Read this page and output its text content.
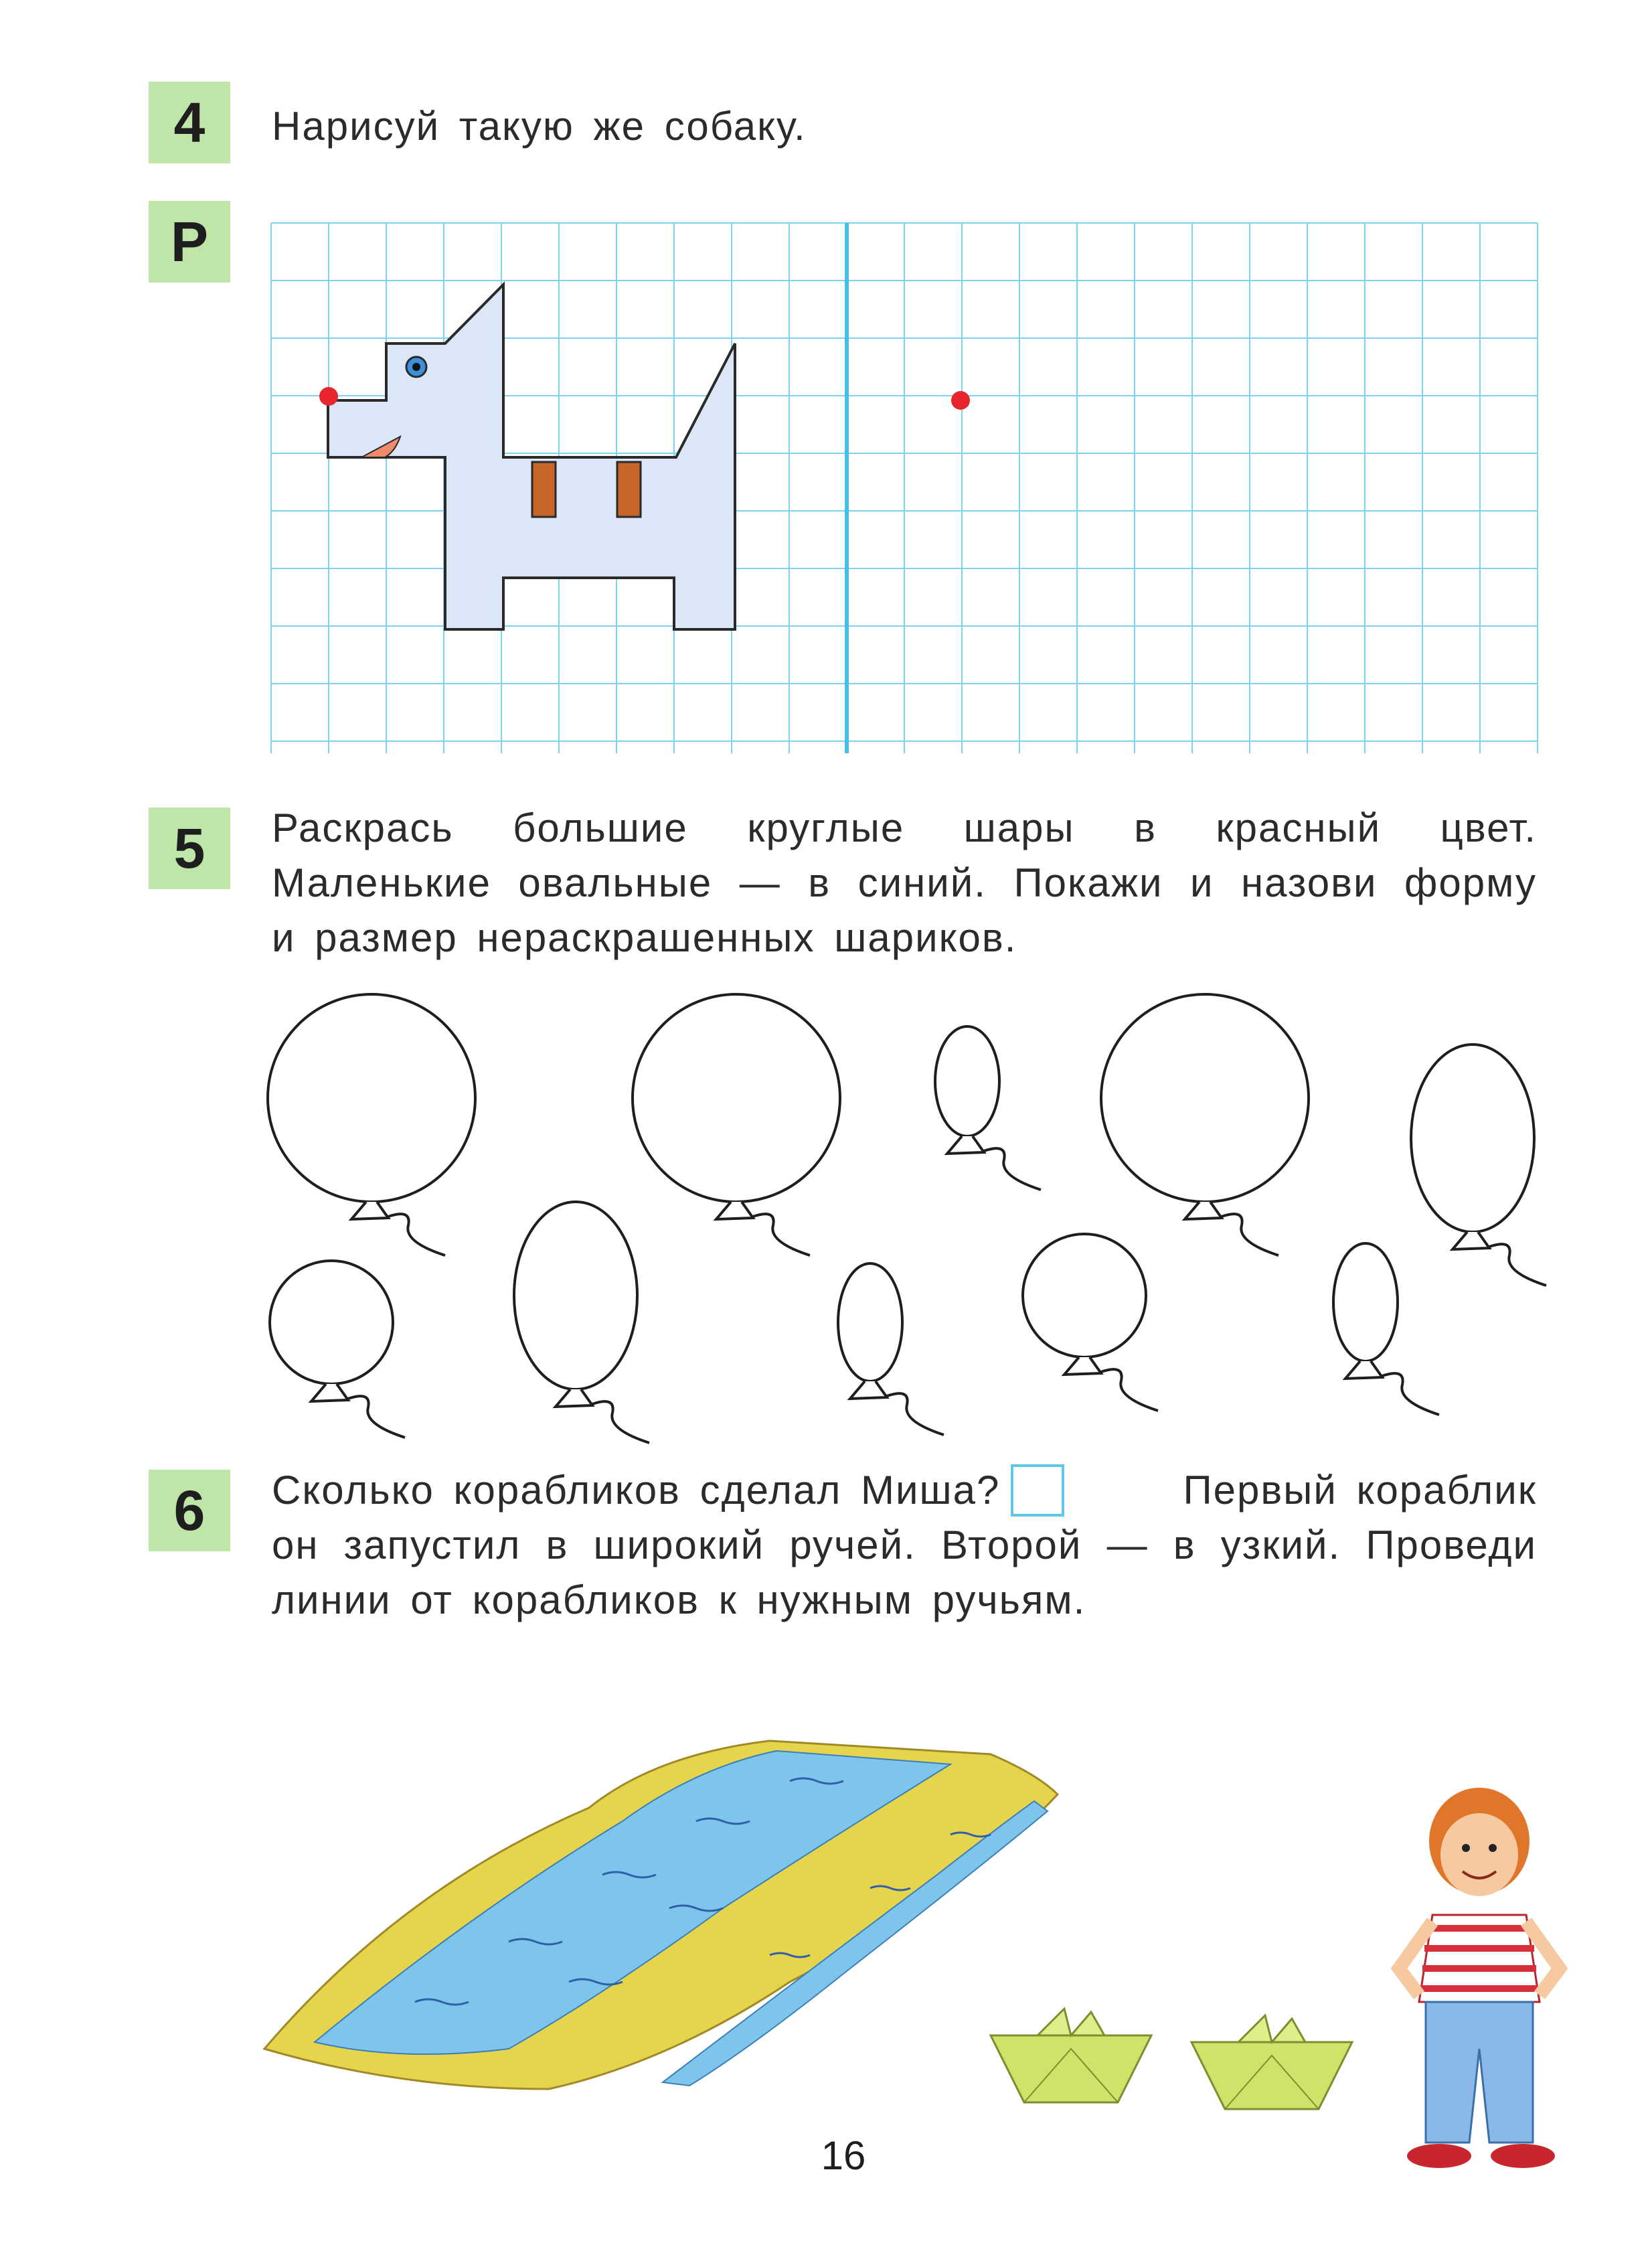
4	Нарисуй такую же собаку.
Р
5	Раскрась большие круглые шары в красный цвет.
Маленькие овальные — в синий. Покажи и назови форму
и размер нераскрашенных шариков.
6	Сколько корабликов сделал Миша?	Первый кораблик
он запустил в широкий ручей. Второй — в узкий. Проведи
линии от корабликов к нужным ручьям.
16
